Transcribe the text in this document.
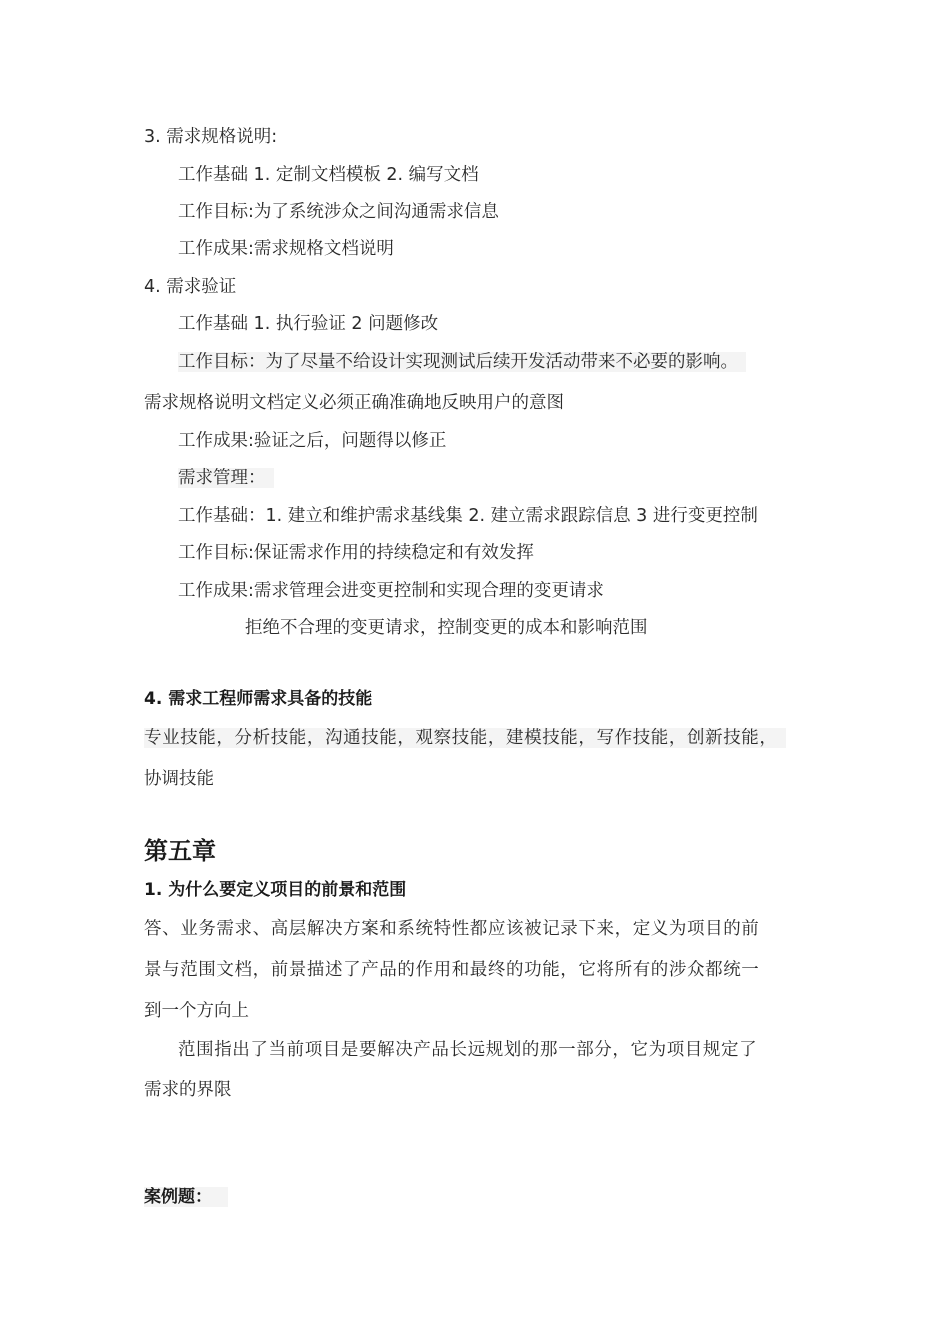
3. 需求规格说明:
工作基础 1. 定制文档模板 2. 编写文档
工作目标:为了系统涉众之间沟通需求信息
工作成果:需求规格文档说明
4. 需求验证
工作基础 1. 执行验证 2 问题修改
工作目标：为了尽量不给设计实现测试后续开发活动带来不必要的影响。
需求规格说明文档定义必须正确准确地反映用户的意图
工作成果:验证之后，问题得以修正
需求管理：
工作基础：1. 建立和维护需求基线集 2. 建立需求跟踪信息 3 进行变更控制
工作目标:保证需求作用的持续稳定和有效发挥
工作成果:需求管理会进变更控制和实现合理的变更请求
拒绝不合理的变更请求，控制变更的成本和影响范围
4. 需求工程师需求具备的技能
专业技能，分析技能，沟通技能，观察技能，建模技能，写作技能，创新技能，
协调技能
第五章
1. 为什么要定义项目的前景和范围
答、业务需求、高层解决方案和系统特性都应该被记录下来，定义为项目的前
景与范围文档，前景描述了产品的作用和最终的功能，它将所有的涉众都统一
到一个方向上
范围指出了当前项目是要解决产品长远规划的那一部分，它为项目规定了
需求的界限
案例题：
